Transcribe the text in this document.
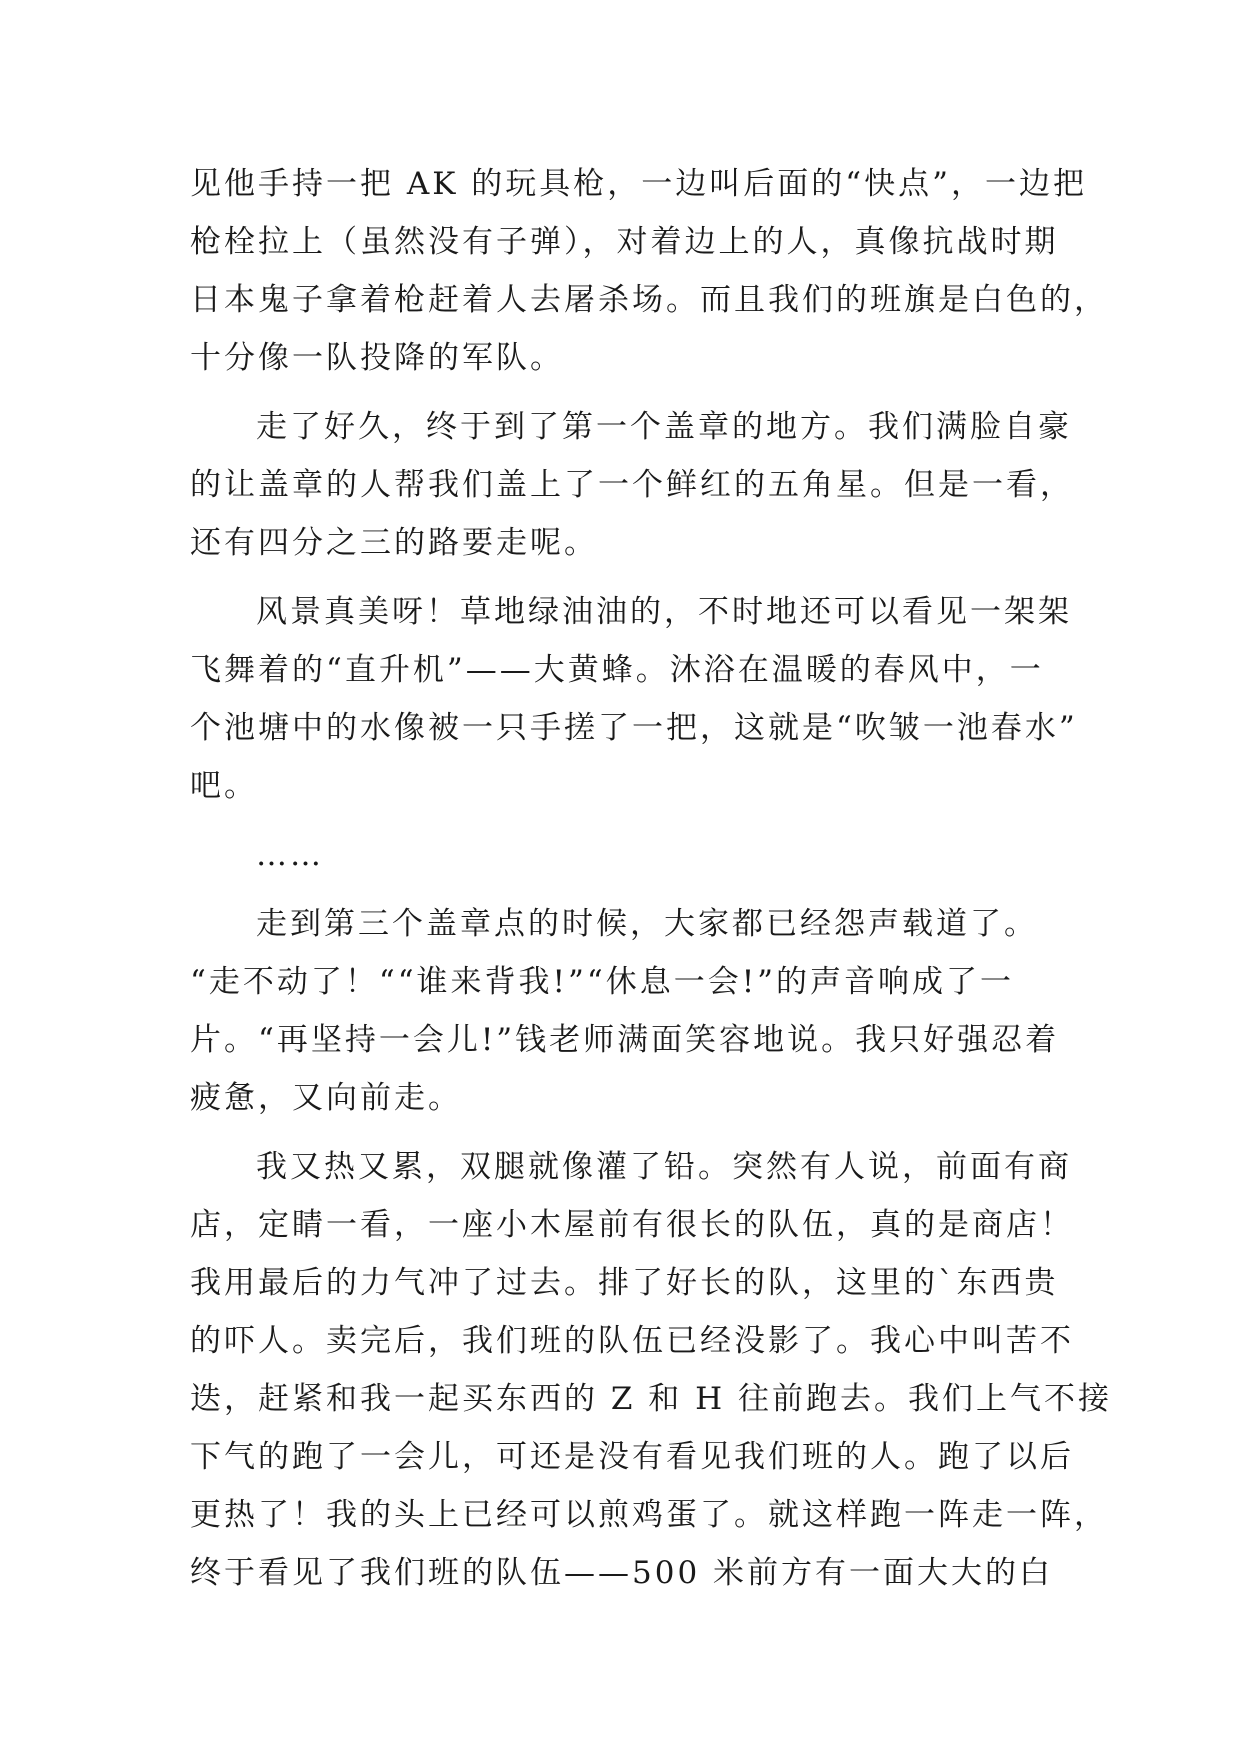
见他手持一把 AK 的玩具枪，一边叫后面的“快点”，一边把
枪栓拉上（虽然没有子弹），对着边上的人，真像抗战时期
日本鬼子拿着枪赶着人去屠杀场。而且我们的班旗是白色的，
十分像一队投降的军队。
走了好久，终于到了第一个盖章的地方。我们满脸自豪
的让盖章的人帮我们盖上了一个鲜红的五角星。但是一看，
还有四分之三的路要走呢。
风景真美呀！草地绿油油的，不时地还可以看见一架架
飞舞着的“直升机”——大黄蜂。沐浴在温暖的春风中，一
个池塘中的水像被一只手搓了一把，这就是“吹皱一池春水”
吧。
……
走到第三个盖章点的时候，大家都已经怨声载道了。
“走不动了！““谁来背我!”“休息一会!”的声音响成了一
片。“再坚持一会儿!”钱老师满面笑容地说。我只好强忍着
疲惫，又向前走。
我又热又累，双腿就像灌了铅。突然有人说，前面有商
店，定睛一看，一座小木屋前有很长的队伍，真的是商店！
我用最后的力气冲了过去。排了好长的队，这里的`东西贵
的吓人。卖完后，我们班的队伍已经没影了。我心中叫苦不
迭，赶紧和我一起买东西的 Z 和 H 往前跑去。我们上气不接
下气的跑了一会儿，可还是没有看见我们班的人。跑了以后
更热了！我的头上已经可以煎鸡蛋了。就这样跑一阵走一阵，
终于看见了我们班的队伍——500 米前方有一面大大的白
